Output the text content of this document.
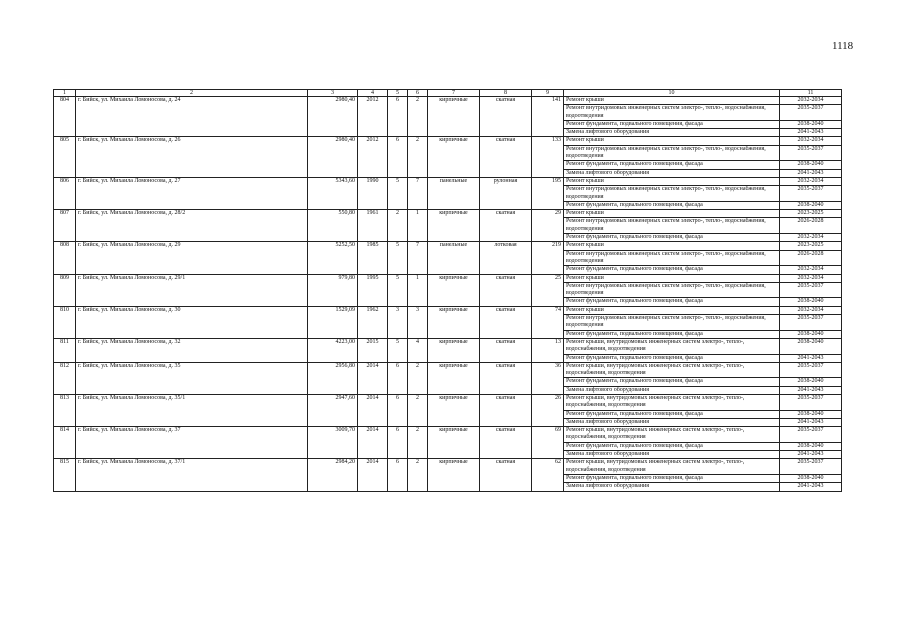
1118
1	2	3	4	5	6	7	8	9	10	11
804	г. Бийск, ул. Михаила Ломоносова, д. 24	2980,40	2012	6	2	кирпичные	скатная	141	Ремонт крыши	2032-2034
									Ремонт внутридомовых инженерных систем электро-, тепло-, водоснабжения, водоотведения	2035-2037
									Ремонт фундамента, подвального помещения, фасада	2038-2040
									Замена лифтового оборудования	2041-2043
805	г. Бийск, ул. Михаила Ломоносова, д. 26	2980,40	2012	6	2	кирпичные	скатная	133	Ремонт крыши	2032-2034
									Ремонт внутридомовых инженерных систем электро-, тепло-, водоснабжения, водоотведения	2035-2037
									Ремонт фундамента, подвального помещения, фасада	2038-2040
									Замена лифтового оборудования	2041-2043
806	г. Бийск, ул. Михаила Ломоносова, д. 27	5343,60	1990	5	7	панельные	рулонная	195	Ремонт крыши	2032-2034
									Ремонт внутридомовых инженерных систем электро-, тепло-, водоснабжения, водоотведения	2035-2037
									Ремонт фундамента, подвального помещения, фасада	2038-2040
807	г. Бийск, ул. Михаила Ломоносова, д. 28/2	550,80	1961	2	1	кирпичные	скатная	29	Ремонт крыши	2023-2025
									Ремонт внутридомовых инженерных систем электро-, тепло-, водоснабжения, водоотведения	2026-2028
									Ремонт фундамента, подвального помещения, фасада	2032-2034
808	г. Бийск, ул. Михаила Ломоносова, д. 29	5252,50	1985	5	7	панельные	лотковая	219	Ремонт крыши	2023-2025
									Ремонт внутридомовых инженерных систем электро-, тепло-, водоснабжения, водоотведения	2026-2028
									Ремонт фундамента, подвального помещения, фасада	2032-2034
809	г. Бийск, ул. Михаила Ломоносова, д. 29/1	979,80	1995	5	1	кирпичные	скатная	25	Ремонт крыши	2032-2034
									Ремонт внутридомовых инженерных систем электро-, тепло-, водоснабжения, водоотведения	2035-2037
									Ремонт фундамента, подвального помещения, фасада	2038-2040
810	г. Бийск, ул. Михаила Ломоносова, д. 30	1529,09	1962	3	3	кирпичные	скатная	74	Ремонт крыши	2032-2034
									Ремонт внутридомовых инженерных систем электро-, тепло-, водоснабжения, водоотведения	2035-2037
									Ремонт фундамента, подвального помещения, фасада	2038-2040
811	г. Бийск, ул. Михаила Ломоносова, д. 32	4223,00	2015	5	4	кирпичные	скатная	13	Ремонт крыши, внутридомовых инженерных систем электро-, тепло-, водоснабжения, водоотведения	2038-2040
									Ремонт фундамента, подвального помещения, фасада	2041-2043
812	г. Бийск, ул. Михаила Ломоносова, д. 35	2956,80	2014	6	2	кирпичные	скатная	36	Ремонт крыши, внутридомовых инженерных систем электро-, тепло-, водоснабжения, водоотведения	2035-2037
									Ремонт фундамента, подвального помещения, фасада	2038-2040
									Замена лифтового оборудования	2041-2043
813	г. Бийск, ул. Михаила Ломоносова, д. 35/1	2947,60	2014	6	2	кирпичные	скатная	26	Ремонт крыши, внутридомовых инженерных систем электро-, тепло-, водоснабжения, водоотведения	2035-2037
									Ремонт фундамента, подвального помещения, фасада	2038-2040
									Замена лифтового оборудования	2041-2043
814	г. Бийск, ул. Михаила Ломоносова, д. 37	3009,70	2014	6	2	кирпичные	скатная	69	Ремонт крыши, внутридомовых инженерных систем электро-, тепло-, водоснабжения, водоотведения	2035-2037
									Ремонт фундамента, подвального помещения, фасада	2038-2040
									Замена лифтового оборудования	2041-2043
815	г. Бийск, ул. Михаила Ломоносова, д. 37/1	2984,20	2014	6	2	кирпичные	скатная	62	Ремонт крыши, внутридомовых инженерных систем электро-, тепло-, водоснабжения, водоотведения	2035-2037
									Ремонт фундамента, подвального помещения, фасада	2038-2040
									Замена лифтового оборудования	2041-2043
